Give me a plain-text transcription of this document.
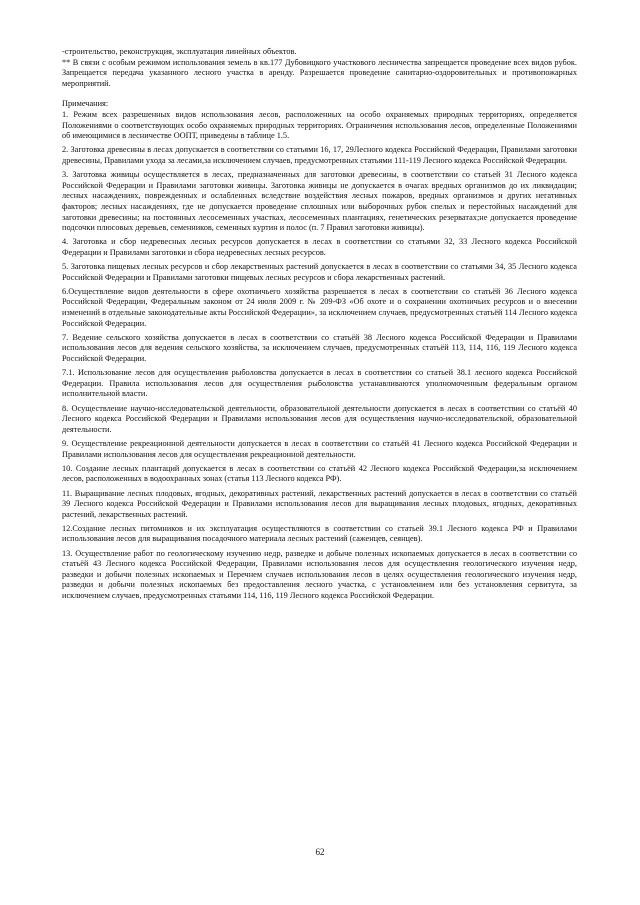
-строительство, реконструкция, эксплуатация линейных объектов.

** В связи с особым режимом использования земель в кв.177 Дубовицкого участкового лесничества запрещается проведение всех видов рубок. Запрещается передача указанного лесного участка в аренду. Разрешается проведение санитарно-оздоровительных и противопожарных мероприятий.

Примечания:

1. Режим всех разрешенных видов использования лесов, расположенных на особо охраняемых природных территориях, определяется Положениями о соответствующих особо охраняемых природных территориях. Ограничения использования лесов, определенные Положениями об имеющимися в лесничестве ООПТ, приведены в таблице 1.5.

2. Заготовка древесины в лесах допускается в соответствии со статьями 16, 17, 29Лесного кодекса Российской Федерации, Правилами заготовки древесины, Правилами ухода за лесами,за исключением случаев, предусмотренных статьями 111-119 Лесного кодекса Российской Федерации.

3. Заготовка живицы осуществляется в лесах, предназначенных для заготовки древесины, в соответствии со статьей 31 Лесного кодекса Российской Федерации и Правилами заготовки живицы. Заготовка живицы не допускается в очагах вредных организмов до их ликвидации; лесных насаждениях, поврежденных и ослабленных вследствие воздействия лесных пожаров, вредных организмов и других негативных факторов; лесных насаждениях, где не допускается проведение сплошных или выборочных рубок спелых и перестойных насаждений для заготовки древесины; на постоянных лесосеменных участках, лесосеменных плантациях, генетических резерватах;не допускается проведение подсочки плюсовых деревьев, семенников, семенных куртин и полос (п. 7 Правил заготовки живицы).

4. Заготовка и сбор недревесных лесных ресурсов допускается в лесах в соответствии со статьями 32, 33 Лесного кодекса Российской Федерации и Правилами заготовки и сбора недревесных лесных ресурсов.

5. Заготовка пищевых лесных ресурсов и сбор лекарственных растений допускается в лесах в соответствии со статьями 34, 35 Лесного кодекса Российской Федерации и Правилами заготовки пищевых лесных ресурсов и сбора лекарственных растений.

6.Осуществление видов деятельности в сфере охотничьего хозяйства разрешается в лесах в соответствии со статьёй 36 Лесного кодекса Российской Федерации, Федеральным законом от 24 июля 2009 г. № 209-ФЗ «Об охоте и о сохранении охотничьих ресурсов и о внесении изменений в отдельные законодательные акты Российской Федерации», за исключением случаев, предусмотренных статьёй 114 Лесного кодекса Российской Федерации.

7. Ведение сельского хозяйства допускается в лесах в соответствии со статьёй 38 Лесного кодекса Российской Федерации и Правилами использования лесов для ведения сельского хозяйства, за исключением случаев, предусмотренных статьёй 113, 114, 116, 119 Лесного кодекса Российской Федерации.

7.1. Использование лесов для осуществления рыболовства допускается в лесах в соответствии со статьей 38.1 лесного кодекса Российской Федерации. Правила использования лесов для осуществления рыболовства устанавливаются уполномоченным федеральным органом исполнительной власти.

8. Осуществление научно-исследовательской деятельности, образовательной деятельности допускается в лесах в соответствии со статьёй 40 Лесного кодекса Российской Федерации и Правилами использования лесов для осуществления научно-исследовательской, образовательной деятельности.

9. Осуществление рекреационной деятельности допускается в лесах в соответствии со статьёй 41 Лесного кодекса Российской Федерации и Правилами использования лесов для осуществления рекреационной деятельности.

10. Создание лесных плантаций допускается в лесах в соответствии со статьёй 42 Лесного кодекса Российской Федерации,за исключением лесов, расположенных в водоохранных зонах (статья 113 Лесного кодекса РФ).

11. Выращивание лесных плодовых, ягодных, декоративных растений, лекарственных растений допускается в лесах в соответствии со статьёй 39 Лесного кодекса Российской Федерации и Правилами использования лесов для выращивания лесных плодовых, ягодных, декоративных растений, лекарственных растений.

12.Создание лесных питомников и их эксплуатация осуществляются в соответствии со статьей 39.1 Лесного кодекса РФ и Правилами использования лесов для выращивания посадочного материала лесных растений (саженцев, сеянцев).

13. Осуществление работ по геологическому изучению недр, разведке и добыче полезных ископаемых допускается в лесах в соответствии со статьёй 43 Лесного кодекса Российской Федерации, Правилами использования лесов для осуществления геологического изучения недр, разведки и добычи полезных ископаемых и Перечнем случаев использования лесов в целях осуществления геологического изучения недр, разведки и добычи полезных ископаемых без предоставления лесного участка, с установлением или без установления сервитута, за исключением случаев, предусмотренных статьями 114, 116, 119 Лесного кодекса Российской Федерации.

62
